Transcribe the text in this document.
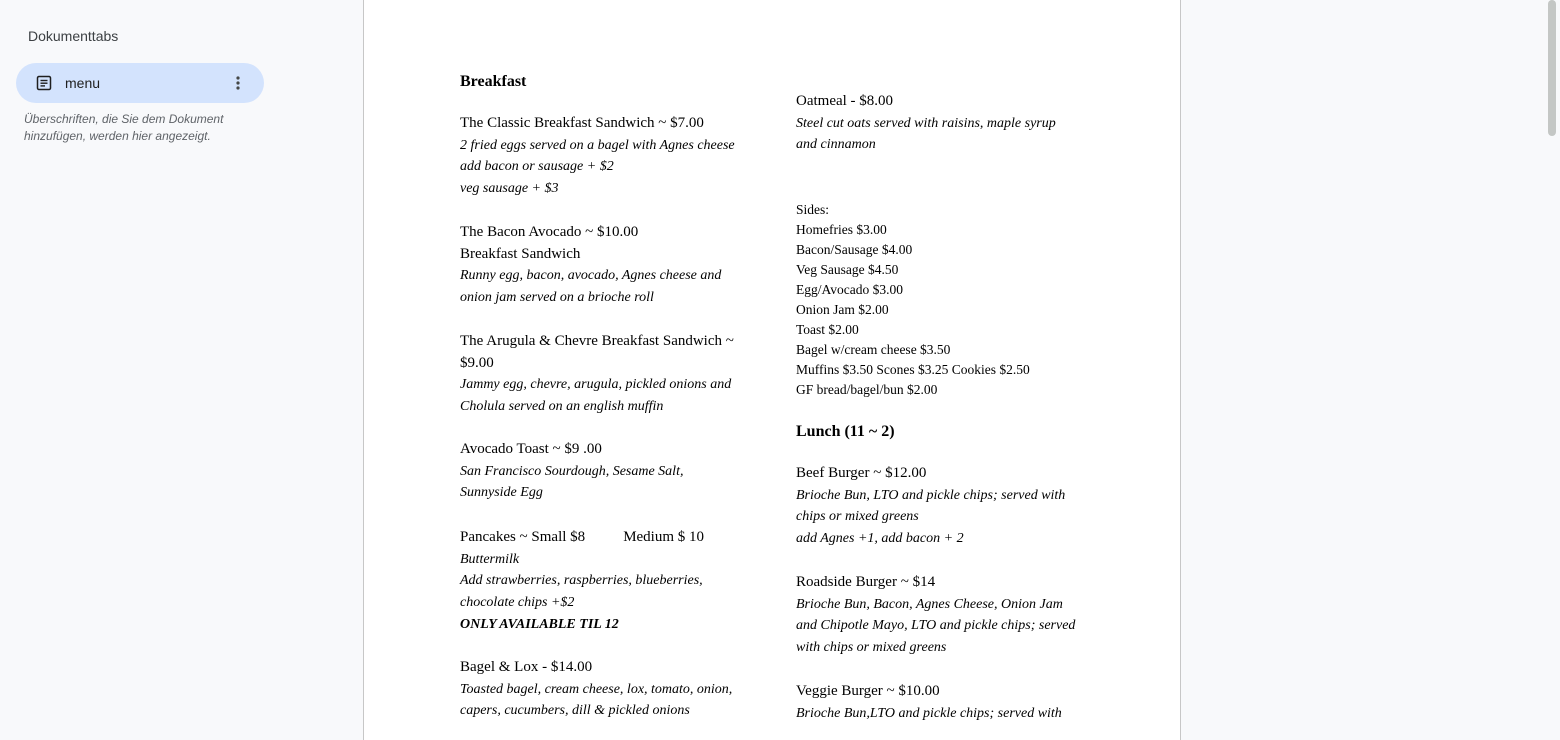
Dokumenttabs
menu
Überschriften, die Sie dem Dokument hinzufügen, werden hier angezeigt.
Breakfast
The Classic Breakfast Sandwich ~ $7.00
2 fried eggs served on a bagel with Agnes cheese
add bacon or sausage + $2
veg sausage + $3
The Bacon Avocado ~ $10.00
Breakfast Sandwich
Runny egg, bacon, avocado, Agnes cheese and
onion jam served on a brioche roll
The Arugula & Chevre Breakfast Sandwich ~
$9.00
Jammy egg, chevre, arugula, pickled onions and
Cholula served on an english muffin
Avocado Toast ~ $9 .00
San Francisco Sourdough, Sesame Salt,
Sunnyside Egg
Pancakes ~ Small $8	Medium $ 10
Buttermilk
Add strawberries, raspberries, blueberries,
chocolate chips +$2
ONLY AVAILABLE TIL 12
Bagel & Lox - $14.00
Toasted bagel, cream cheese, lox, tomato, onion,
capers, cucumbers, dill & pickled onions
Oatmeal - $8.00
Steel cut oats served with raisins, maple syrup
and cinnamon
Sides:
Homefries $3.00
Bacon/Sausage $4.00
Veg Sausage $4.50
Egg/Avocado $3.00
Onion Jam $2.00
Toast $2.00
Bagel w/cream cheese $3.50
Muffins $3.50 Scones $3.25 Cookies $2.50
GF bread/bagel/bun $2.00
Lunch (11 ~ 2)
Beef Burger ~ $12.00
Brioche Bun, LTO and pickle chips; served with
chips or mixed greens
add Agnes +1, add bacon + 2
Roadside Burger ~ $14
Brioche Bun, Bacon, Agnes Cheese, Onion Jam
and Chipotle Mayo, LTO and pickle chips; served
with chips or mixed greens
Veggie Burger ~ $10.00
Brioche Bun,LTO and pickle chips; served with
